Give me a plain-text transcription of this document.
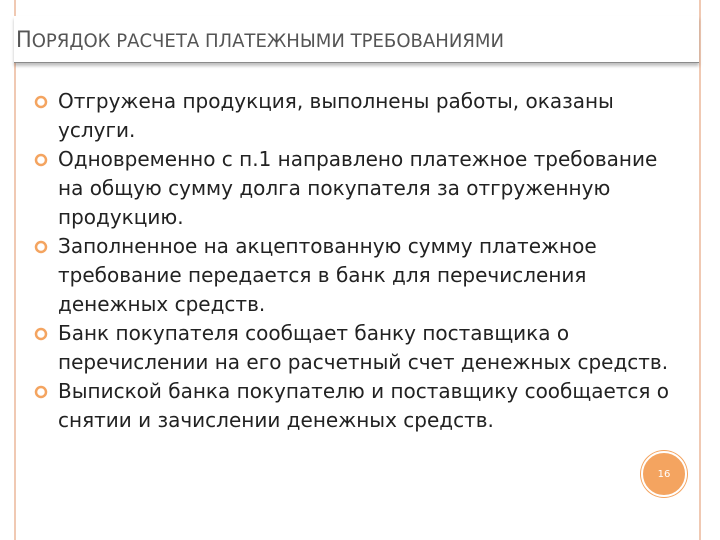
ПОРЯДОК РАСЧЕТА ПЛАТЕЖНЫМИ ТРЕБОВАНИЯМИ
Отгружена продукция, выполнены работы, оказаны услуги.
Одновременно с п.1 направлено платежное требование на общую сумму долга покупателя за отгруженную продукцию.
Заполненное на акцептованную сумму платежное требование передается в банк для перечисления денежных средств.
Банк покупателя сообщает банку поставщика о перечислении на его расчетный счет денежных средств.
Выпиской банка покупателю и поставщику сообщается о снятии и зачислении денежных средств.
16
